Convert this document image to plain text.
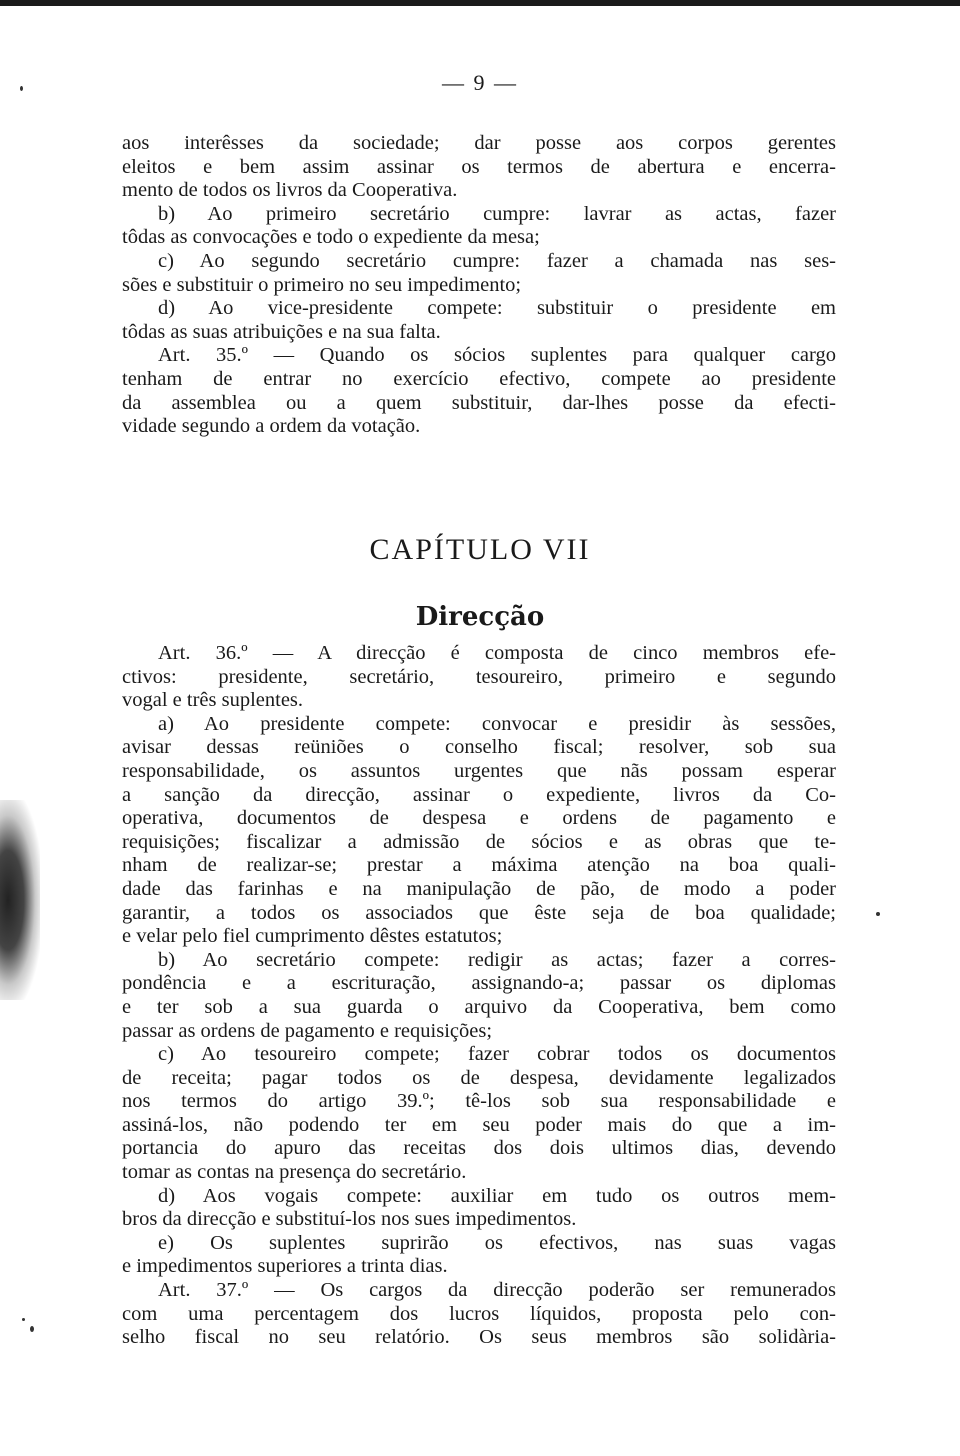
— 9 —
aos interêsses da sociedade; dar posse aos corpos gerentes
eleitos e bem assim assinar os termos de abertura e encerra-
mento de todos os livros da Cooperativa.
b) Ao primeiro secretário cumpre: lavrar as actas, fazer
tôdas as convocações e todo o expediente da mesa;
c) Ao segundo secretário cumpre: fazer a chamada nas ses-
sões e substituir o primeiro no seu impedimento;
d) Ao vice-presidente compete: substituir o presidente em
tôdas as suas atribuições e na sua falta.
Art. 35.º — Quando os sócios suplentes para qualquer cargo
tenham de entrar no exercício efectivo, compete ao presidente
da assemblea ou a quem substituir, dar-lhes posse da efecti-
vidade segundo a ordem da votação.
CAPÍTULO VII
Direcção
Art. 36.º — A direcção é composta de cinco membros efe-
ctivos: presidente, secretário, tesoureiro, primeiro e segundo
vogal e três suplentes.
a) Ao presidente compete: convocar e presidir às sessões,
avisar dessas reüniões o conselho fiscal; resolver, sob sua
responsabilidade, os assuntos urgentes que nãs possam esperar
a sanção da direcção, assinar o expediente, livros da Co-
operativa, documentos de despesa e ordens de pagamento e
requisições; fiscalizar a admissão de sócios e as obras que te-
nham de realizar-se; prestar a máxima atenção na boa quali-
dade das farinhas e na manipulação de pão, de modo a poder
garantir, a todos os associados que êste seja de boa qualidade;
e velar pelo fiel cumprimento dêstes estatutos;
b) Ao secretário compete: redigir as actas; fazer a corres-
pondência e a escrituração, assignando-a; passar os diplomas
e ter sob a sua guarda o arquivo da Cooperativa, bem como
passar as ordens de pagamento e requisições;
c) Ao tesoureiro compete; fazer cobrar todos os documentos
de receita; pagar todos os de despesa, devidamente legalizados
nos termos do artigo 39.º; tê-los sob sua responsabilidade e
assiná-los, não podendo ter em seu poder mais do que a im-
portancia do apuro das receitas dos dois ultimos dias, devendo
tomar as contas na presença do secretário.
d) Aos vogais compete: auxiliar em tudo os outros mem-
bros da direcção e substituí-los nos sues impedimentos.
e) Os suplentes suprirão os efectivos, nas suas vagas
e impedimentos superiores a trinta dias.
Art. 37.º — Os cargos da direcção poderão ser remunerados
com uma percentagem dos lucros líquidos, proposta pelo con-
selho fiscal no seu relatório. Os seus membros são solidària-
